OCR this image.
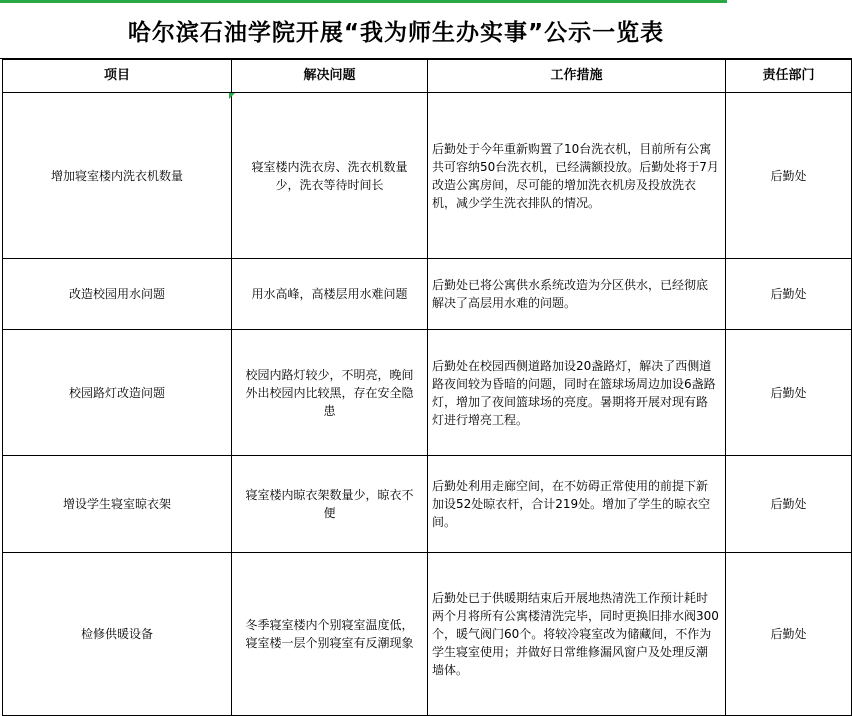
哈尔滨石油学院开展“我为师生办实事”公示一览表
项目	解决问题	工作措施	责任部门
增加寝室楼内洗衣机数量	寝室楼内洗衣房、洗衣机数量少，洗衣等待时间长	后勤处于今年重新购置了10台洗衣机，目前所有公寓共可容纳50台洗衣机，已经满额投放。后勤处将于7月改造公寓房间，尽可能的增加洗衣机房及投放洗衣机，减少学生洗衣排队的情况。	后勤处
改造校园用水问题	用水高峰，高楼层用水难问题	后勤处已将公寓供水系统改造为分区供水，已经彻底解决了高层用水难的问题。	后勤处
校园路灯改造问题	校园内路灯较少，不明亮，晚间外出校园内比较黑，存在安全隐患	后勤处在校园西侧道路加设20盏路灯，解决了西侧道路夜间较为昏暗的问题，同时在篮球场周边加设6盏路灯，增加了夜间篮球场的亮度。暑期将开展对现有路灯进行增亮工程。	后勤处
增设学生寝室晾衣架	寝室楼内晾衣架数量少，晾衣不便	后勤处利用走廊空间，在不妨碍正常使用的前提下新加设52处晾衣杆，合计219处。增加了学生的晾衣空间。	后勤处
检修供暖设备	冬季寝室楼内个别寝室温度低，寝室楼一层个别寝室有反潮现象	后勤处已于供暖期结束后开展地热清洗工作预计耗时两个月将所有公寓楼清洗完毕，同时更换旧排水阀300个，暖气阀门60个。将较冷寝室改为储藏间，不作为学生寝室使用；并做好日常维修漏风窗户及处理反潮墙体。	后勤处
